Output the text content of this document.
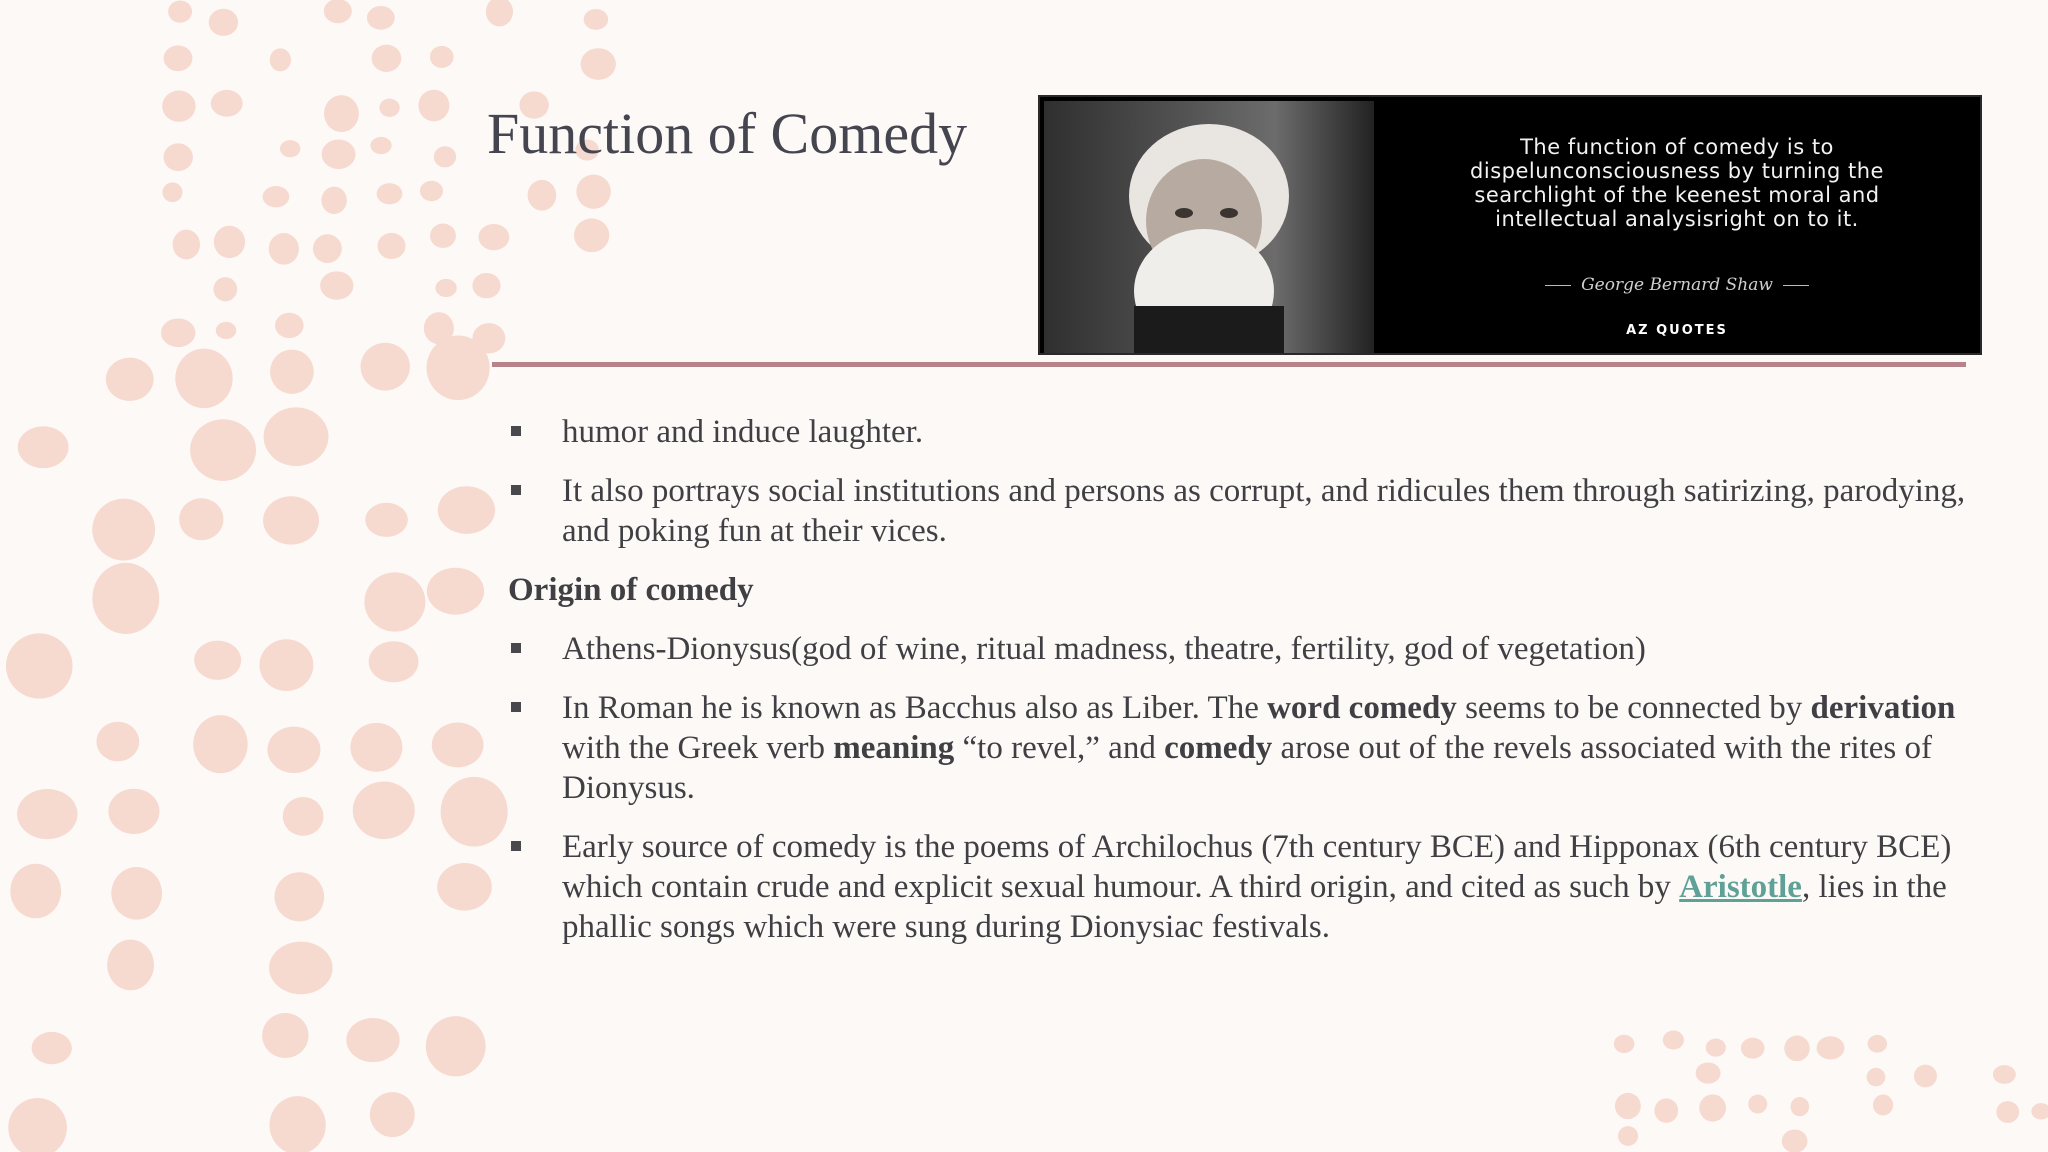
Function of Comedy	The function of comedy is to dispelunconsciousness by turning the searchlight of the keenest moral and intellectual analysisright on to it.
George Bernard Shaw
AZ QUOTES

humor and induce laughter.

It also portrays social institutions and persons as corrupt, and ridicules them through satirizing, parodying, and poking fun at their vices.

Origin of comedy

Athens-Dionysus(god of wine, ritual madness, theatre, fertility, god of vegetation)

In Roman he is known as Bacchus also as Liber. The word comedy seems to be connected by derivation with the Greek verb meaning “to revel,” and comedy arose out of the revels associated with the rites of Dionysus.

Early source of comedy is the poems of Archilochus (7th century BCE) and Hipponax (6th century BCE) which contain crude and explicit sexual humour. A third origin, and cited as such by Aristotle, lies in the phallic songs which were sung during Dionysiac festivals.
